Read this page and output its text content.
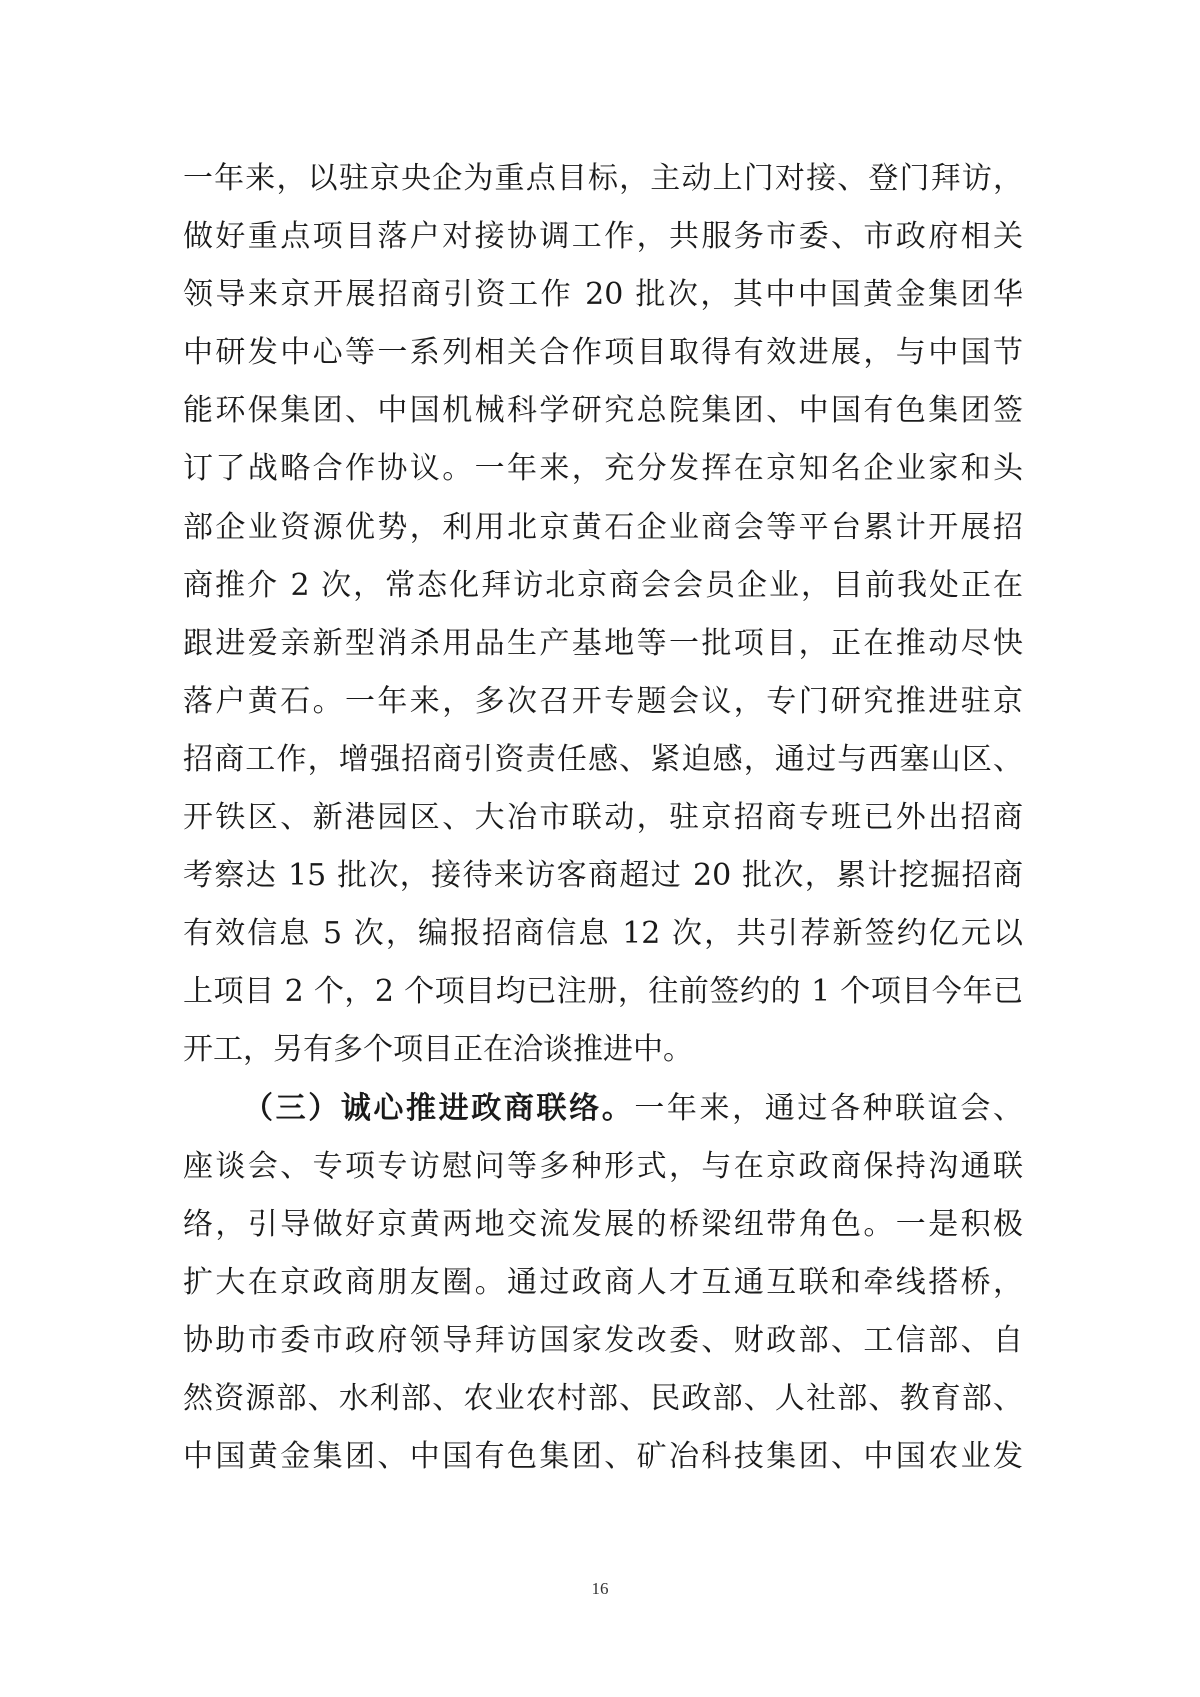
一年来，以驻京央企为重点目标，主动上门对接、登门拜访，
做好重点项目落户对接协调工作，共服务市委、市政府相关
领导来京开展招商引资工作 20 批次，其中中国黄金集团华
中研发中心等一系列相关合作项目取得有效进展，与中国节
能环保集团、中国机械科学研究总院集团、中国有色集团签
订了战略合作协议。一年来，充分发挥在京知名企业家和头
部企业资源优势，利用北京黄石企业商会等平台累计开展招
商推介 2 次，常态化拜访北京商会会员企业，目前我处正在
跟进爱亲新型消杀用品生产基地等一批项目，正在推动尽快
落户黄石。一年来，多次召开专题会议，专门研究推进驻京
招商工作，增强招商引资责任感、紧迫感，通过与西塞山区、
开铁区、新港园区、大冶市联动，驻京招商专班已外出招商
考察达 15 批次，接待来访客商超过 20 批次，累计挖掘招商
有效信息 5 次，编报招商信息 12 次，共引荐新签约亿元以
上项目 2 个，2 个项目均已注册，往前签约的 1 个项目今年已
开工，另有多个项目正在洽谈推进中。
（三）诚心推进政商联络。一年来，通过各种联谊会、
座谈会、专项专访慰问等多种形式，与在京政商保持沟通联
络，引导做好京黄两地交流发展的桥梁纽带角色。一是积极
扩大在京政商朋友圈。通过政商人才互通互联和牵线搭桥，
协助市委市政府领导拜访国家发改委、财政部、工信部、自
然资源部、水利部、农业农村部、民政部、人社部、教育部、
中国黄金集团、中国有色集团、矿冶科技集团、中国农业发
16
